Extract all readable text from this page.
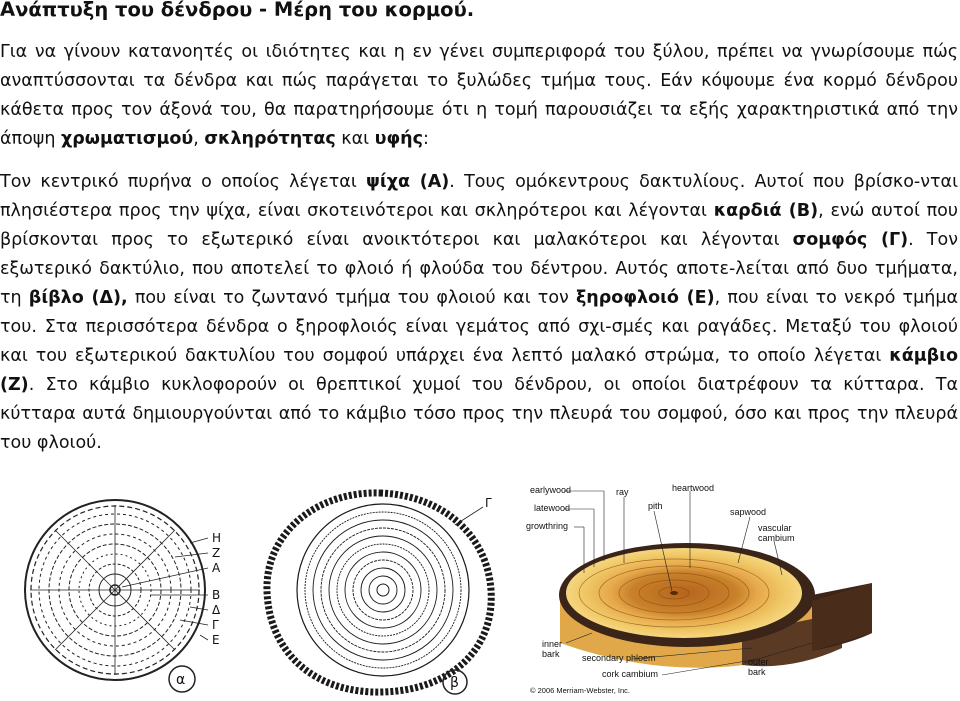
Ανάπτυξη του δένδρου - Μέρη του κορμού.
Για να γίνουν κατανοητές οι ιδιότητες και η εν γένει συμπεριφορά του ξύλου, πρέπει να γνωρίσουμε πώς αναπτύσσονται τα δένδρα και πώς παράγεται το ξυλώδες τμήμα τους. Εάν κόψουμε ένα κορμό δένδρου κάθετα προς τον άξονά του, θα παρατηρήσουμε ότι η τομή παρουσιάζει τα εξής χαρακτηριστικά από την άποψη χρωματισμού, σκληρότητας και υφής:
Τον κεντρικό πυρήνα ο οποίος λέγεται ψίχα (Α). Τους ομόκεντρους δακτυλίους. Αυτοί που βρίσκο-νται πλησιέστερα προς την ψίχα, είναι σκοτεινότεροι και σκληρότεροι και λέγονται καρδιά (Β), ενώ αυτοί που βρίσκονται προς το εξωτερικό είναι ανοικτότεροι και μαλακότεροι και λέγονται σομφός (Γ). Τον εξωτερικό δακτύλιο, που αποτελεί το φλοιό ή φλούδα του δέντρου. Αυτός αποτε-λείται από δυο τμήματα, τη βίβλο (Δ), που είναι το ζωντανό τμήμα του φλοιού και τον ξηροφλοιό (Ε), που είναι το νεκρό τμήμα του. Στα περισσότερα δένδρα ο ξηροφλοιός είναι γεμάτος από σχι-σμές και ραγάδες. Μεταξύ του φλοιού και του εξωτερικού δακτυλίου του σομφού υπάρχει ένα λεπτό μαλακό στρώμα, το οποίο λέγεται κάμβιο (Ζ). Στο κάμβιο κυκλοφορούν οι θρεπτικοί χυμοί του δένδρου, οι οποίοι διατρέφουν τα κύτταρα. Τα κύτταρα αυτά δημιουργούνται από το κάμβιο τόσο προς την πλευρά του σομφού, όσο και προς την πλευρά του φλοιού.
Η
Ζ
Α
Β
Δ
Γ
Ε
α
Γ
β
earlywood
latewood
growthring
ray
pith
heartwood
sapwood
vascular
cambium
inner
bark secondary phloem
cork cambium
outer
bark
© 2006 Merriam-Webster, Inc.
